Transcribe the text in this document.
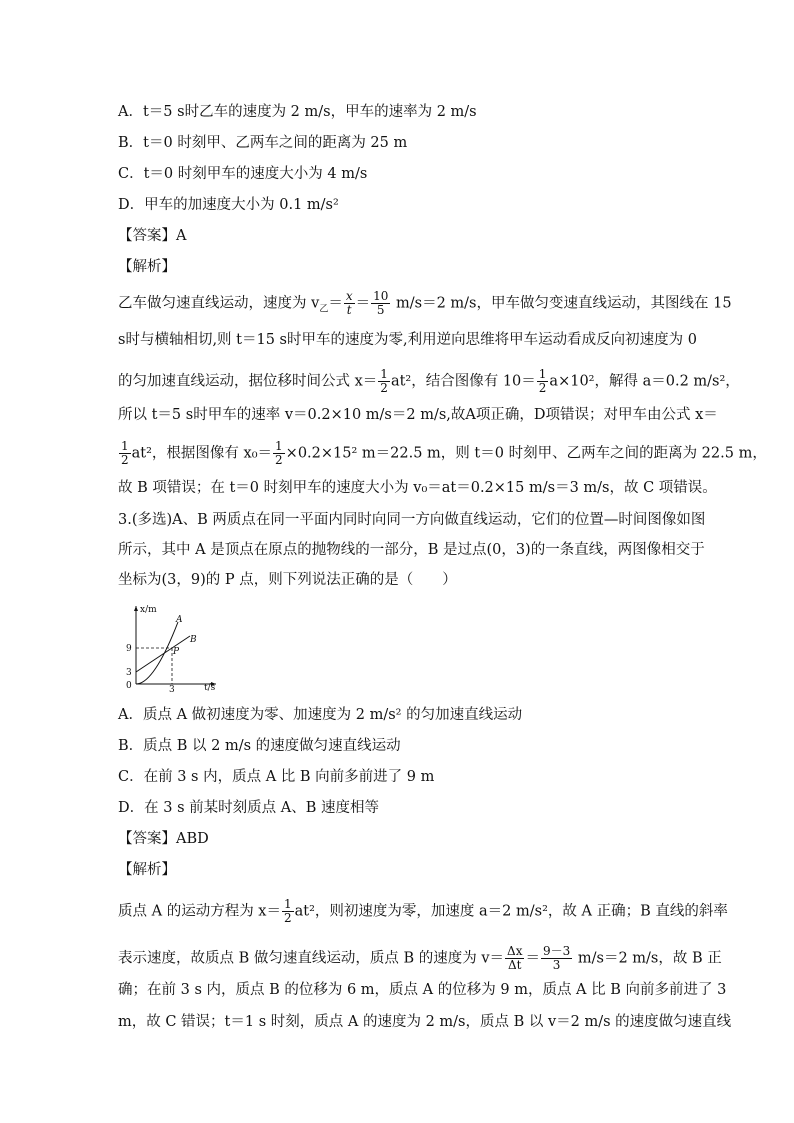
A．t＝5 s时乙车的速度为 2 m/s，甲车的速率为 2 m/s
B．t＝0 时刻甲、乙两车之间的距离为 25 m
C．t＝0 时刻甲车的速度大小为 4 m/s
D．甲车的加速度大小为 0.1 m/s²
【答案】A
【解析】
乙车做匀速直线运动，速度为 $v_乙= \frac{x}{t} = \frac{10}{5} m/s=2$ m/s，甲车做匀变速直线运动，其图线在 15
s时与横轴相切,则 t＝15 s时甲车的速度为零,利用逆向思维将甲车运动看成反向初速度为 0
的匀加速直线运动，据位移时间公式 $x= \frac{1}{2} at^2$，结合图像有 $10= \frac{1}{2} a\times 10^2$，解得 a＝0.2 m/s²，
所以 t＝5 s时甲车的速率 v＝0.2×10 m/s＝2 m/s,故A项正确，D项错误；对甲车由公式 x＝
$\frac{1}{2} at^2$，根据图像有 $x_0= \frac{1}{2} \times 0.2\times 15^2$ m＝22.5 m，则 t＝0 时刻甲、乙两车之间的距离为 22.5 m，
故 B 项错误；在 t＝0 时刻甲车的速度大小为 v₀＝at＝0.2×15 m/s＝3 m/s，故 C 项错误。
3.(多选)A、B 两质点在同一平面内同时向同一方向做直线运动，它们的位置—时间图像如图
所示，其中 A 是顶点在原点的抛物线的一部分，B 是过点(0，3)的一条直线，两图像相交于
坐标为(3，9)的 P 点，则下列说法正确的是（　　）
x/m
t/s
0
9
3
3
A
B
P
A．质点 A 做初速度为零、加速度为 2 m/s² 的匀加速直线运动
B．质点 B 以 2 m/s 的速度做匀速直线运动
C．在前 3 s 内，质点 A 比 B 向前多前进了 9 m
D．在 3 s 前某时刻质点 A、B 速度相等
【答案】ABD
【解析】
质点 A 的运动方程为 $x= \frac{1}{2} at^2$，则初速度为零，加速度 a＝2 m/s²，故 A 正确；B 直线的斜率
表示速度，故质点 B 做匀速直线运动，质点 B 的速度为 $v= \frac{\Delta x}{\Delta t} = \frac{9-3}{3} m/s=2$ m/s，故 B 正
确；在前 3 s 内，质点 B 的位移为 6 m，质点 A 的位移为 9 m，质点 A 比 B 向前多前进了 3
m，故 C 错误；t＝1 s 时刻，质点 A 的速度为 2 m/s，质点 B 以 v＝2 m/s 的速度做匀速直线
